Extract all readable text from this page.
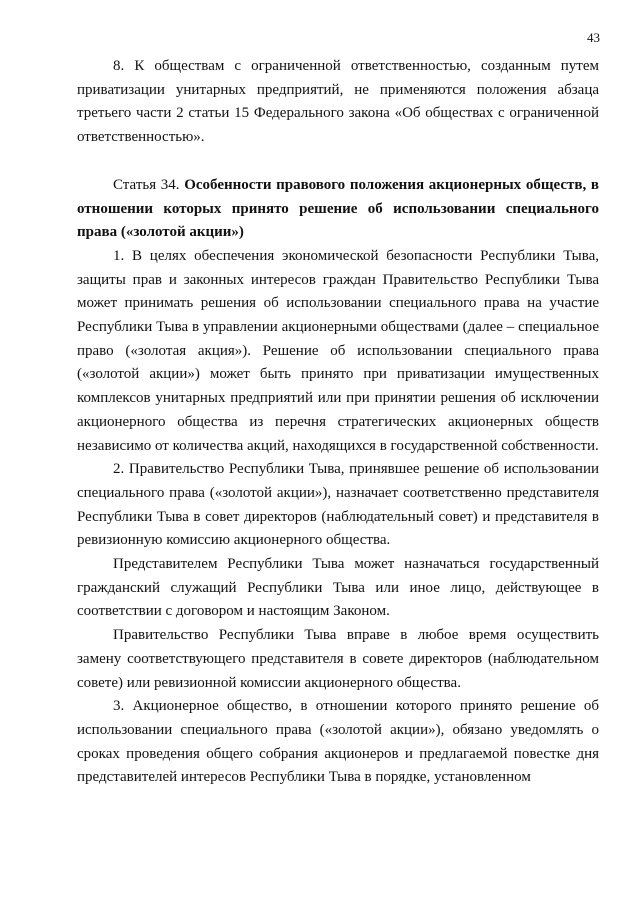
43

8. К обществам с ограниченной ответственностью, созданным путем приватизации унитарных предприятий, не применяются положения абзаца третьего части 2 статьи 15 Федерального закона «Об обществах с ограниченной ответственностью».

Статья 34. Особенности правового положения акционерных обществ, в отношении которых принято решение об использовании специального права («золотой акции»)

1. В целях обеспечения экономической безопасности Республики Тыва, защиты прав и законных интересов граждан Правительство Республики Тыва может принимать решения об использовании специального права на участие Республики Тыва в управлении акционерными обществами (далее – специальное право («золотая акция»). Решение об использовании специального права («золотой акции») может быть принято при приватизации имущественных комплексов унитарных предприятий или при принятии решения об исключении акционерного общества из перечня стратегических акционерных обществ независимо от количества акций, находящихся в государственной собственности.

2. Правительство Республики Тыва, принявшее решение об использовании специального права («золотой акции»), назначает соответственно представителя Республики Тыва в совет директоров (наблюдательный совет) и представителя в ревизионную комиссию акционерного общества.

Представителем Республики Тыва может назначаться государственный гражданский служащий Республики Тыва или иное лицо, действующее в соответствии с договором и настоящим Законом.

Правительство Республики Тыва вправе в любое время осуществить замену соответствующего представителя в совете директоров (наблюдательном совете) или ревизионной комиссии акционерного общества.

3. Акционерное общество, в отношении которого принято решение об использовании специального права («золотой акции»), обязано уведомлять о сроках проведения общего собрания акционеров и предлагаемой повестке дня представителей интересов Республики Тыва в порядке, установленном
